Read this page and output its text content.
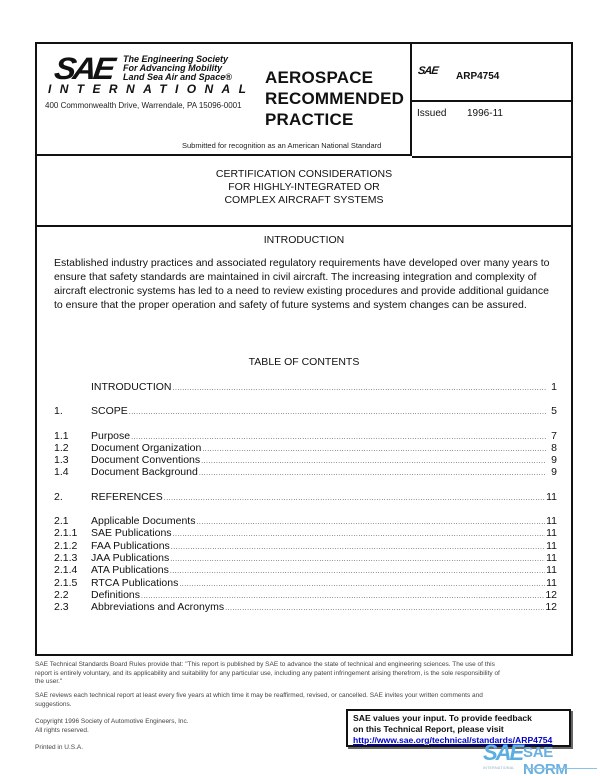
SAE The Engineering Society
For Advancing Mobility
Land Sea Air and Space®
INTERNATIONAL
400 Commonwealth Drive, Warrendale, PA 15096-0001
AEROSPACE
RECOMMENDED
PRACTICE
Submitted for recognition as an American National Standard
SAE ARP4754
Issued 1996-11
CERTIFICATION CONSIDERATIONS
FOR HIGHLY-INTEGRATED OR
COMPLEX AIRCRAFT SYSTEMS
INTRODUCTION
Established industry practices and associated regulatory requirements have developed over many years to ensure that safety standards are maintained in civil aircraft. The increasing integration and complexity of aircraft electronic systems has led to a need to review existing procedures and provide additional guidance to ensure that the proper operation and safety of future systems and system changes can be assured.
TABLE OF CONTENTS
INTRODUCTION .....	1
1.	SCOPE .....	5
1.1	Purpose .....	7
1.2	Document Organization .....	8
1.3	Document Conventions .....	9
1.4	Document Background .....	9
2.	REFERENCES .....	11
2.1	Applicable Documents .....	11
2.1.1	SAE Publications .....	11
2.1.2	FAA Publications .....	11
2.1.3	JAA Publications .....	11
2.1.4	ATA Publications .....	11
2.1.5	RTCA Publications .....	11
2.2	Definitions .....	12
2.3	Abbreviations and Acronyms .....	12
SAE Technical Standards Board Rules provide that: "This report is published by SAE to advance the state of technical and engineering sciences. The use of this report is entirely voluntary, and its applicability and suitability for any particular use, including any patent infringement arising therefrom, is the sole responsibility of the user."
SAE reviews each technical report at least every five years at which time it may be reaffirmed, revised, or cancelled. SAE invites your written comments and suggestions.
Copyright 1996 Society of Automotive Engineers, Inc.
All rights reserved.
Printed in U.S.A.
SAE values your input. To provide feedback
on this Technical Report, please visit
http://www.sae.org/technical/standards/ARP4754
SAE SAE NORM
INTERNATIONAL
